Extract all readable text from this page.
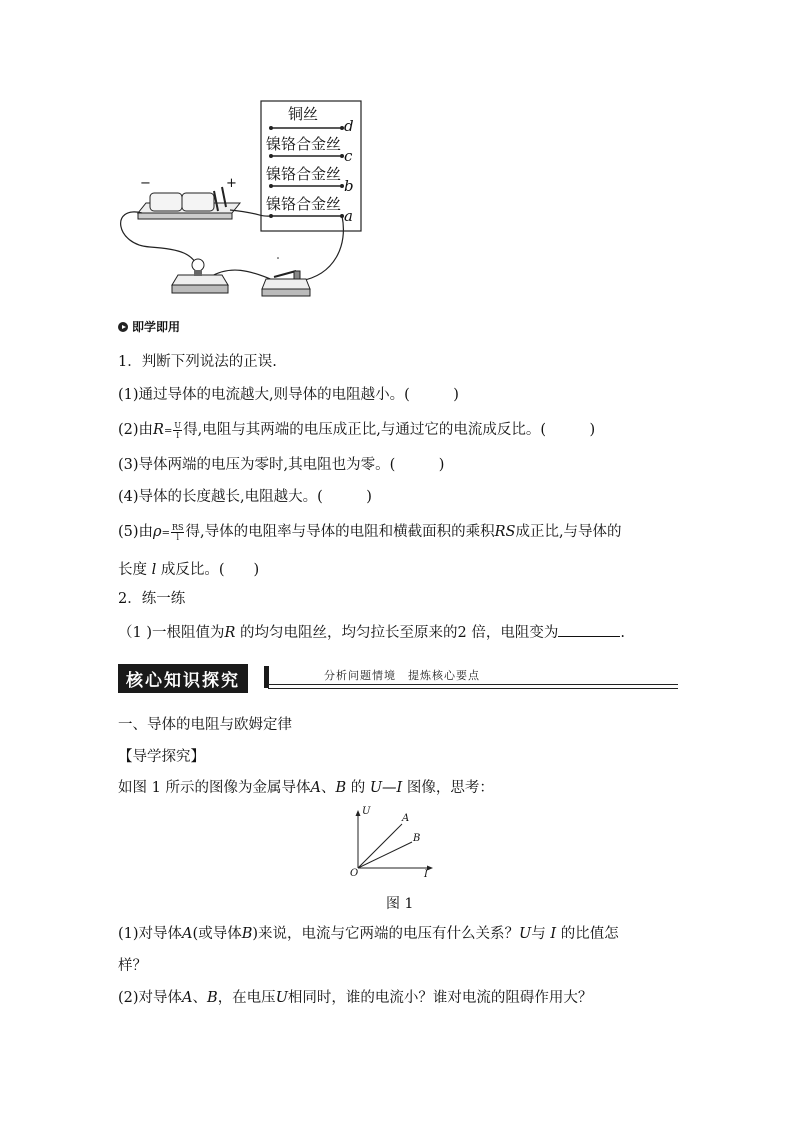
−	+
铜丝
镍铬合金丝
镍铬合金丝
镍铬合金丝
d
c
b
a
即学即用
1．判断下列说法的正误.
(1)通过导体的电流越大,则导体的电阻越小。(　　　)
(2)由$R= \frac{U}{I}$ 得,电阻与其两端的电压成正比,与通过它的电流成反比。(　　　)
(3)导体两端的电压为零时,其电阻也为零。(　　　)
(4)导体的长度越长,电阻越大。(　　　)
(5)由$\rho= \frac{RS}{l}$ 得,导体的电阻率与导体的电阻和横截面积的乘积RS成正比,与导体的
长度 l 成反比。(　　)
2．练一练
（1 )一根阻值为R 的均匀电阻丝，均匀拉长至原来的2 倍，电阻变为	.
核心知识探究	分析问题情境　提炼核心要点
一、导体的电阻与欧姆定律
【导学探究】
如图 1 所示的图像为金属导体A、B 的 U—I 图像，思考：
U
A
B
O	I
图 1
(1)对导体A(或导体B)来说，电流与它两端的电压有什么关系？U与 I 的比值怎
样？
(2)对导体A、B，在电压U相同时，谁的电流小？谁对电流的阻碍作用大？
